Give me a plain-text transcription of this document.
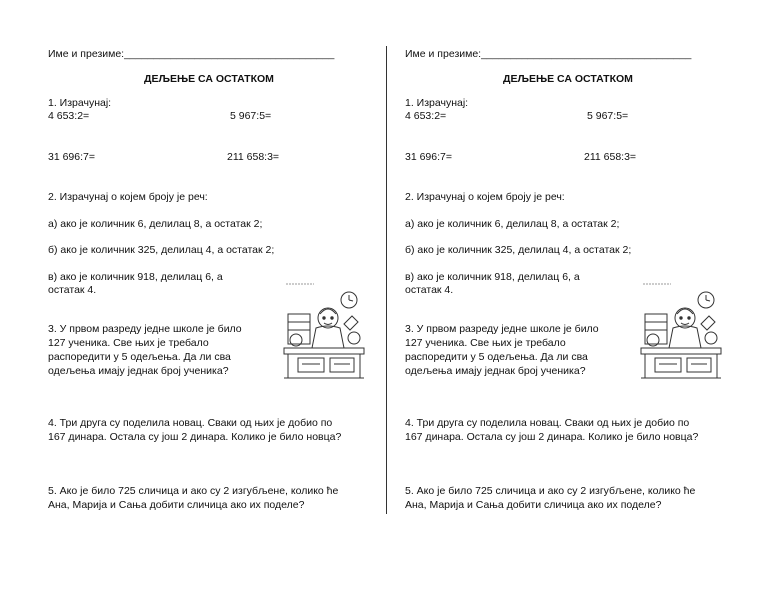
Име и презиме:____________________________________
ДЕЉЕЊЕ СА ОСТАТКОМ
1. Израчунај:
4 653:2=	5 967:5=
31 696:7=	211 658:3=
2. Израчунај о којем броју је реч:
а) ако је количник 6, делилац 8, а остатак 2;
б) ако је количник 325, делилац 4, а остатак 2;
в) ако је количник 918, делилац 6, а
остатак 4.
3. У првом разреду једне школе је било
127 ученика. Све њих је требало
распоредити у 5 одељења. Да ли сва
одељења имају једнак број ученика?
4. Три друга су поделила новац. Сваки од њих је добио по
167 динара. Остала су још 2 динара. Колико је било новца?
5. Ако је било 725 сличица и ако су 2 изгубљене, колико ће
Ана, Марија и Сања добити сличица ако их поделе?
Име и презиме:____________________________________
ДЕЉЕЊЕ СА ОСТАТКОМ
1. Израчунај:
4 653:2=	5 967:5=
31 696:7=	211 658:3=
2. Израчунај о којем броју је реч:
а) ако је количник 6, делилац 8, а остатак 2;
б) ако је количник 325, делилац 4, а остатак 2;
в) ако је количник 918, делилац 6, а
остатак 4.
3. У првом разреду једне школе је било
127 ученика. Све њих је требало
распоредити у 5 одељења. Да ли сва
одељења имају једнак број ученика?
4. Три друга су поделила новац. Сваки од њих је добио по
167 динара. Остала су још 2 динара. Колико је било новца?
5. Ако је било 725 сличица и ако су 2 изгубљене, колико ће
Ана, Марија и Сања добити сличица ако их поделе?
